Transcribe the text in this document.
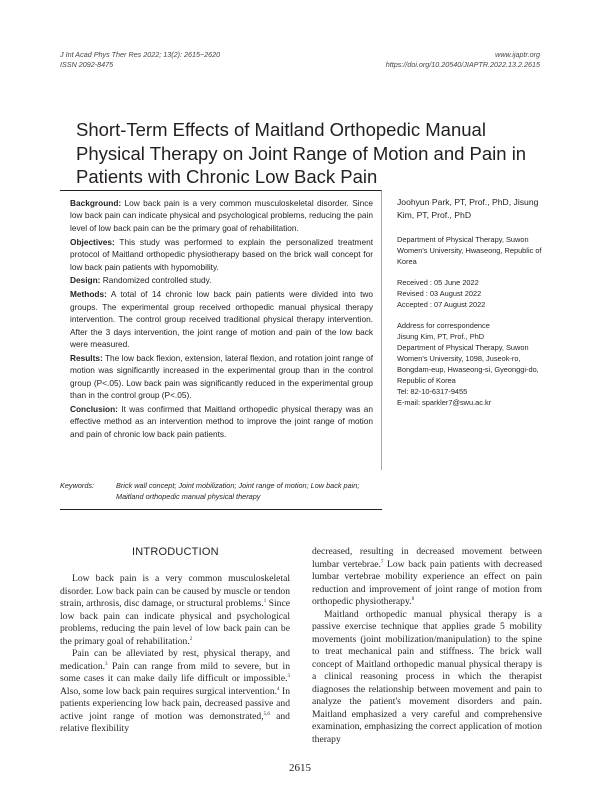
J Int Acad Phys Ther Res 2022; 13(2): 2615~2620
ISSN 2092-8475
www.ijaptr.org
https://doi.org/10.20540/JIAPTR.2022.13.2.2615
Short-Term Effects of Maitland Orthopedic Manual Physical Therapy on Joint Range of Motion and Pain in Patients with Chronic Low Back Pain

Background: Low back pain is a very common musculoskeletal disorder. Since low back pain can indicate physical and psychological problems, reducing the pain level of low back pain can be the primary goal of rehabilitation.

Objectives: This study was performed to explain the personalized treatment protocol of Maitland orthopedic physiotherapy based on the brick wall concept for low back pain patients with hypomobility.

Design: Randomized controlled study.

Methods: A total of 14 chronic low back pain patients were divided into two groups. The experimental group received orthopedic manual physical therapy intervention. The control group received traditional physical therapy intervention. After the 3 days intervention, the joint range of motion and pain of the low back were measured.

Results: The low back flexion, extension, lateral flexion, and rotation joint range of motion was significantly increased in the experimental group than in the control group (P<.05). Low back pain was significantly reduced in the experimental group than in the control group (P<.05).

Conclusion: It was confirmed that Maitland orthopedic physical therapy was an effective method as an intervention method to improve the joint range of motion and pain of chronic low back pain patients.

Joohyun Park, PT, Prof., PhD, Jisung Kim, PT, Prof., PhD
Department of Physical Therapy, Suwon Women's University, Hwaseong, Republic of Korea
Received : 05 June 2022
Revised : 03 August 2022
Accepted : 07 August 2022
Address for correspondence
Jisung Kim, PT, Prof., PhD
Department of Physical Therapy, Suwon Women's University, 1098, Juseok-ro, Bongdam-eup, Hwaseong-si, Gyeonggi-do, Republic of Korea
Tel: 82-10-6317-9455
E-mail: sparkler7@swu.ac.kr
Keywords:	Brick wall concept; Joint mobilization; Joint range of motion; Low back pain; Maitland orthopedic manual physical therapy
INTRODUCTION

Low back pain is a very common musculoskeletal disorder. Low back pain can be caused by muscle or tendon strain, arthrosis, disc damage, or structural problems.$^1$ Since low back pain can indicate physical and psychological problems, reducing the pain level of low back pain can be the primary goal of rehabilitation.$^2$

Pain can be alleviated by rest, physical therapy, and medication.$^3$ Pain can range from mild to severe, but in some cases it can make daily life difficult or impossible.$^3$ Also, some low back pain requires surgical intervention.$^4$ In patients experiencing low back pain, decreased passive and active joint range of motion was demonstrated,$^{5,6}$ and relative flexibility

decreased, resulting in decreased movement between lumbar vertebrae.$^7$ Low back pain patients with decreased lumbar vertebrae mobility experience an effect on pain reduction and improvement of joint range of motion from orthopedic physiotherapy.$^8$

Maitland orthopedic manual physical therapy is a passive exercise technique that applies grade 5 mobility movements (joint mobilization/manipulation) to the spine to treat mechanical pain and stiffness. The brick wall concept of Maitland orthopedic manual physical therapy is a clinical reasoning process in which the therapist diagnoses the relationship between movement and pain to analyze the patient's movement disorders and pain. Maitland emphasized a very careful and comprehensive examination, emphasizing the correct application of motion therapy

2615
